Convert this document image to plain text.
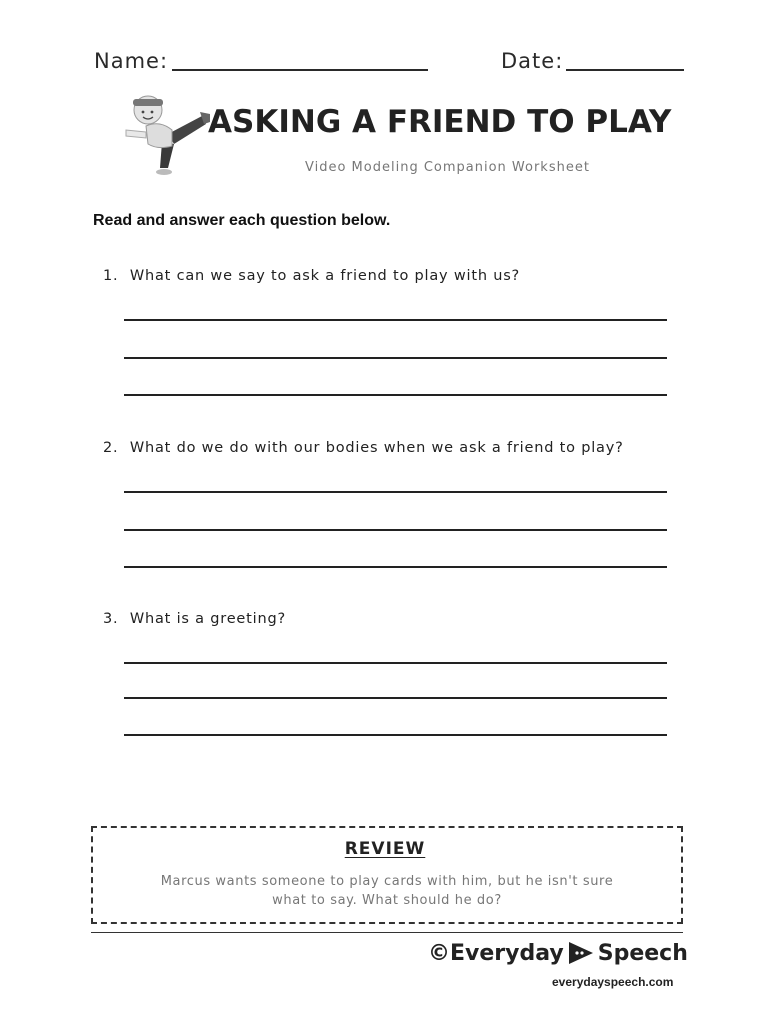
Name:	Date:
ASKING A FRIEND TO PLAY
Video Modeling Companion Worksheet
Read and answer each question below.
1. What can we say to ask a friend to play with us?
2. What do we do with our bodies when we ask a friend to play?
3. What is a greeting?
REVIEW
Marcus wants someone to play cards with him, but he isn't sure
what to say. What should he do?
© Everyday Speech
everydayspeech.com
